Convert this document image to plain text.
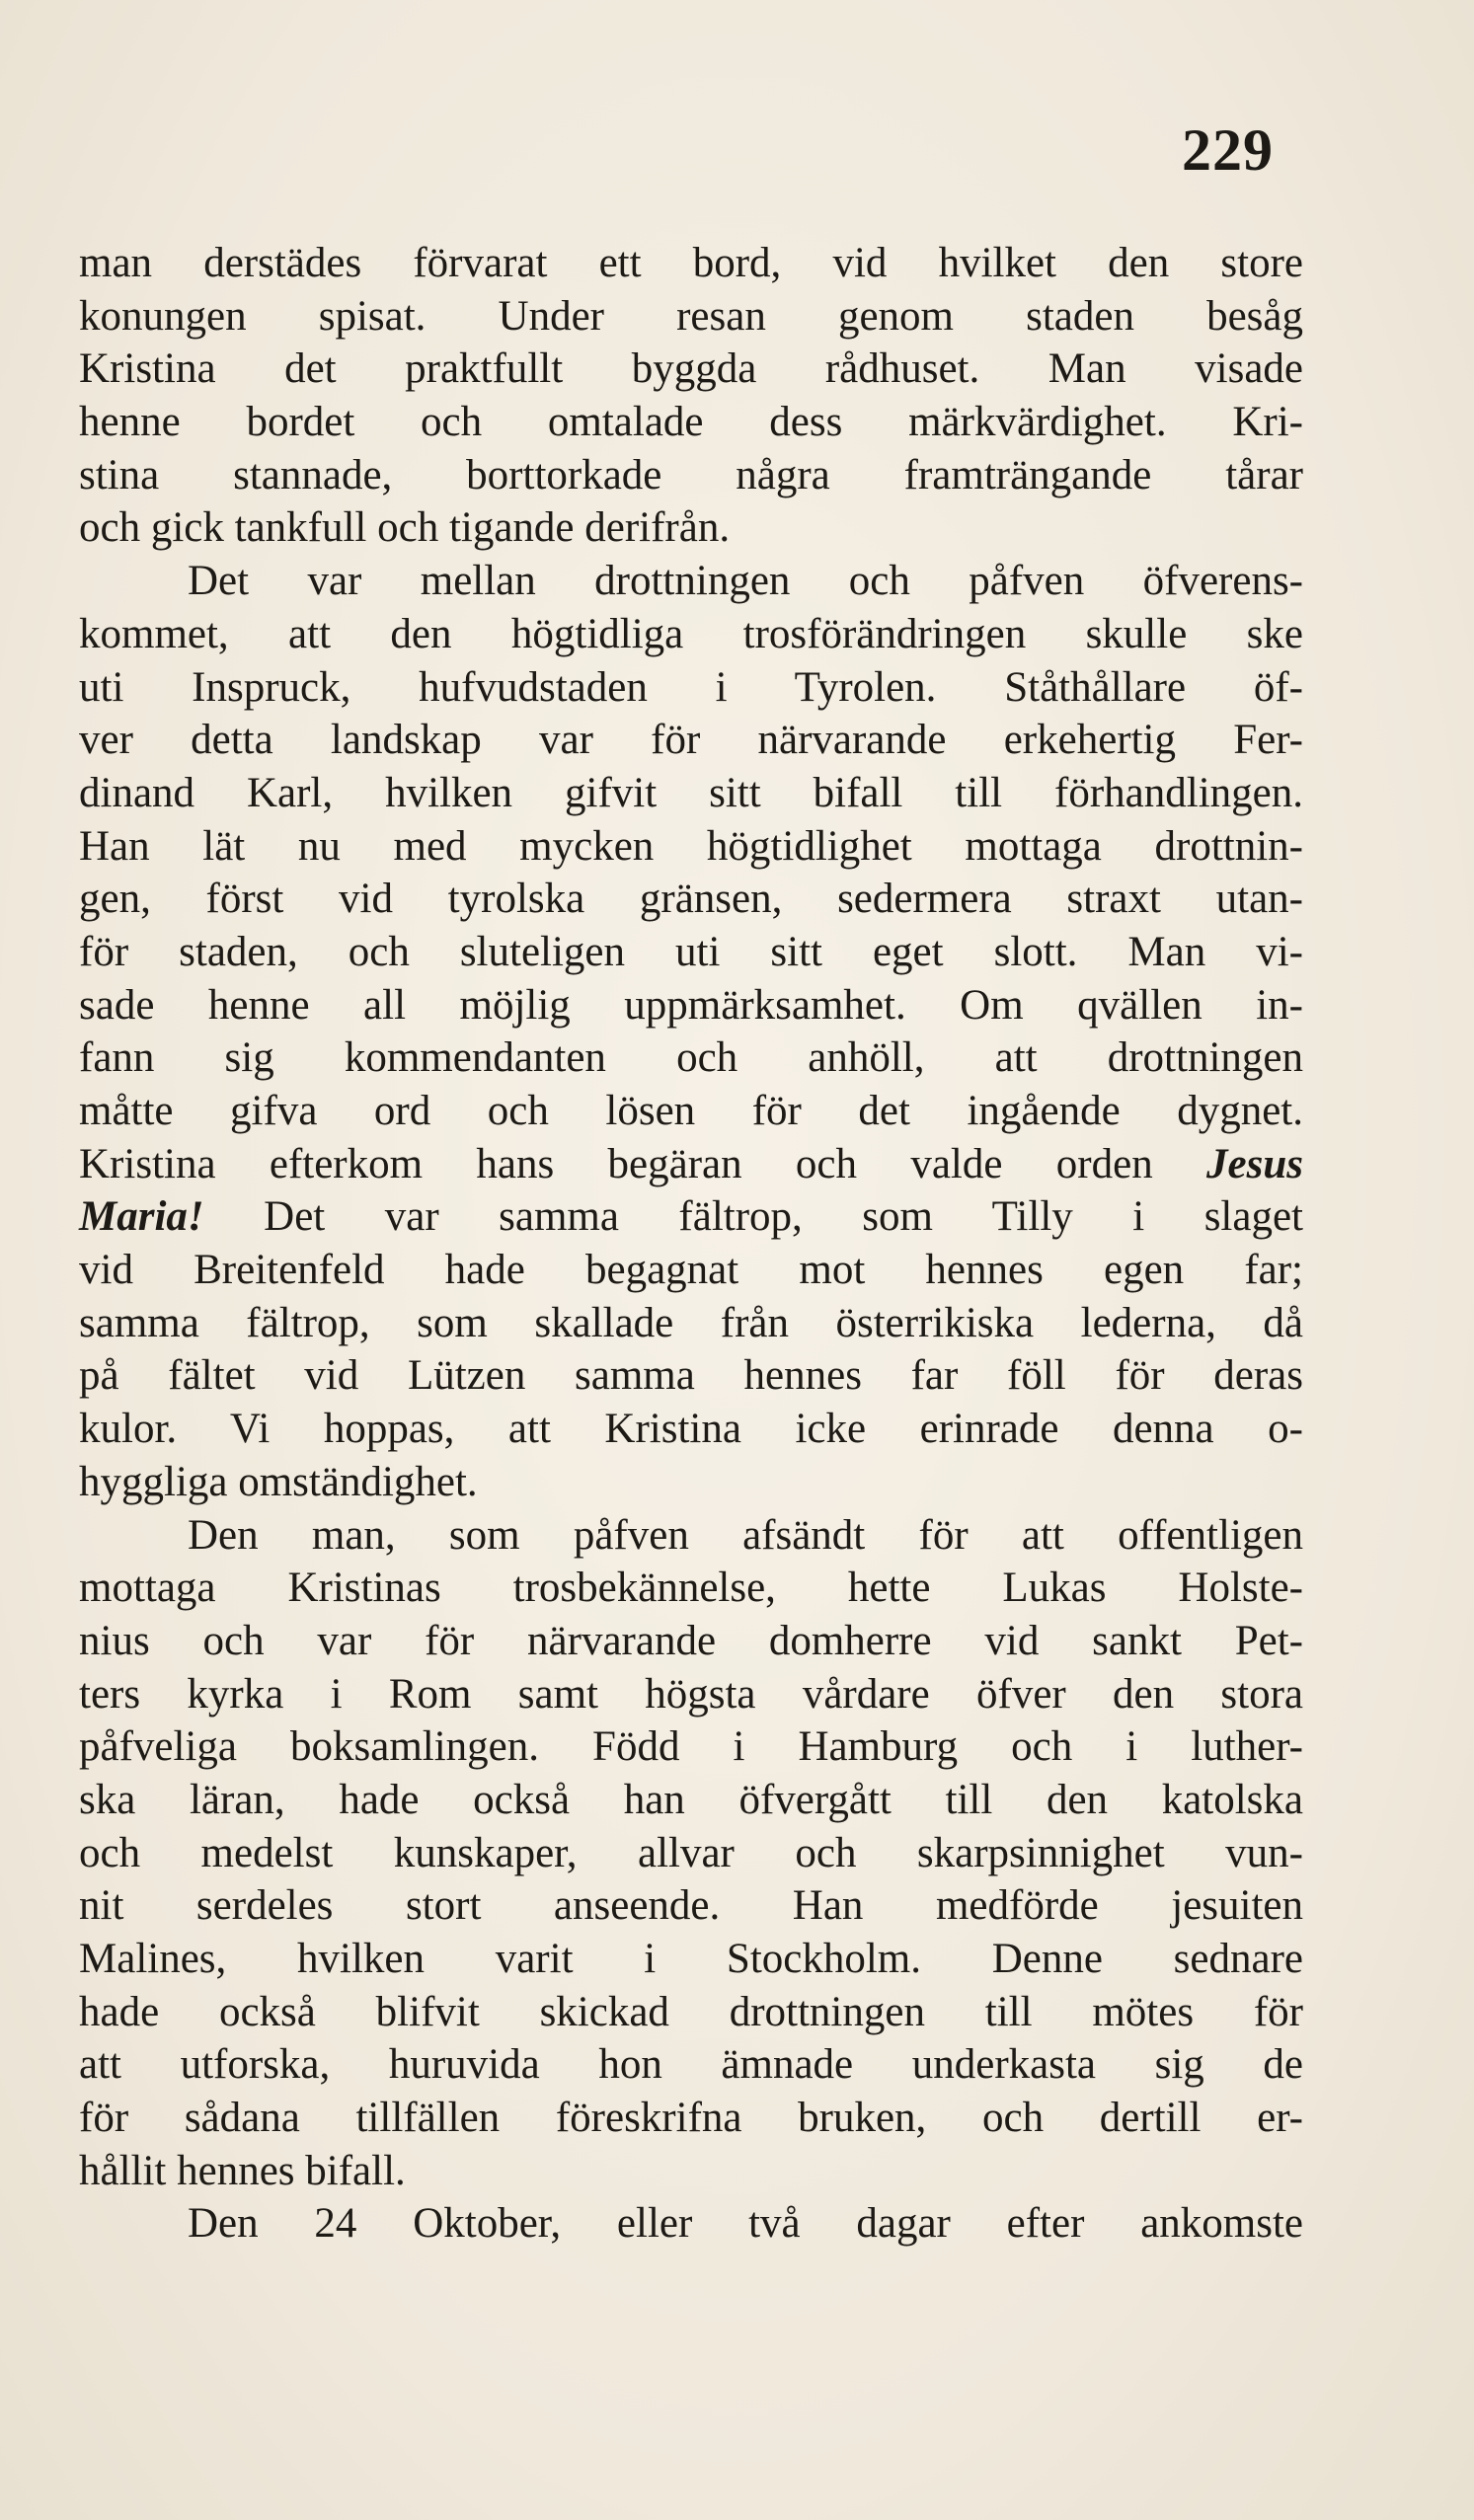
229
man derstädes förvarat ett bord, vid hvilket den store
konungen spisat. Under resan genom staden besåg
Kristina det praktfullt byggda rådhuset. Man visade
henne bordet och omtalade dess märkvärdighet. Kri-
stina stannade, borttorkade några framträngande tårar
och gick tankfull och tigande derifrån.
Det var mellan drottningen och påfven öfverens-
kommet, att den högtidliga trosförändringen skulle ske
uti Inspruck, hufvudstaden i Tyrolen. Ståthållare öf-
ver detta landskap var för närvarande erkehertig Fer-
dinand Karl, hvilken gifvit sitt bifall till förhandlingen.
Han lät nu med mycken högtidlighet mottaga drottnin-
gen, först vid tyrolska gränsen, sedermera straxt utan-
för staden, och sluteligen uti sitt eget slott. Man vi-
sade henne all möjlig uppmärksamhet. Om qvällen in-
fann sig kommendanten och anhöll, att drottningen
måtte gifva ord och lösen för det ingående dygnet.
Kristina efterkom hans begäran och valde orden Jesus
Maria! Det var samma fältrop, som Tilly i slaget
vid Breitenfeld hade begagnat mot hennes egen far;
samma fältrop, som skallade från österrikiska lederna, då
på fältet vid Lützen samma hennes far föll för deras
kulor. Vi hoppas, att Kristina icke erinrade denna o-
hyggliga omständighet.
Den man, som påfven afsändt för att offentligen
mottaga Kristinas trosbekännelse, hette Lukas Holste-
nius och var för närvarande domherre vid sankt Pet-
ters kyrka i Rom samt högsta vårdare öfver den stora
påfveliga boksamlingen. Född i Hamburg och i luther-
ska läran, hade också han öfvergått till den katolska
och medelst kunskaper, allvar och skarpsinnighet vun-
nit serdeles stort anseende. Han medförde jesuiten
Malines, hvilken varit i Stockholm. Denne sednare
hade också blifvit skickad drottningen till mötes för
att utforska, huruvida hon ämnade underkasta sig de
för sådana tillfällen föreskrifna bruken, och dertill er-
hållit hennes bifall.
Den 24 Oktober, eller två dagar efter ankomste
